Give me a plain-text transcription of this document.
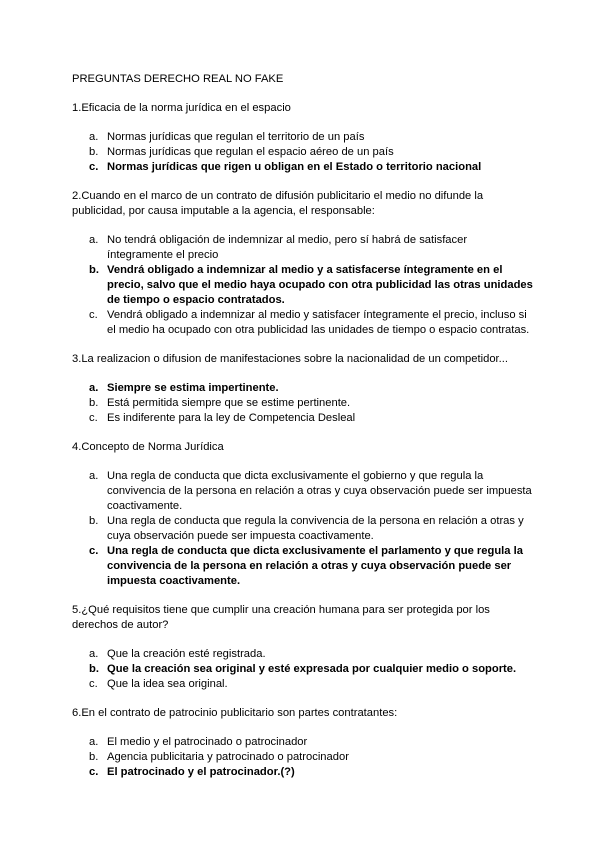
PREGUNTAS DERECHO REAL NO FAKE

1.Eficacia de la norma jurídica en el espacio

a. Normas jurídicas que regulan el territorio de un país
b. Normas jurídicas que regulan el espacio aéreo de un país
c. Normas jurídicas que rigen u obligan en el Estado o territorio nacional

2.Cuando en el marco de un contrato de difusión publicitario el medio no difunde la publicidad, por causa imputable a la agencia, el responsable:

a. No tendrá obligación de indemnizar al medio, pero sí habrá de satisfacer íntegramente el precio
b. Vendrá obligado a indemnizar al medio y a satisfacerse íntegramente en el precio, salvo que el medio haya ocupado con otra publicidad las otras unidades de tiempo o espacio contratados.
c. Vendrá obligado a indemnizar al medio y satisfacer íntegramente el precio, incluso si el medio ha ocupado con otra publicidad las unidades de tiempo o espacio contratas.

3.La realizacion o difusion de manifestaciones sobre la nacionalidad de un competidor...

a. Siempre se estima impertinente.
b. Está permitida siempre que se estime pertinente.
c. Es indiferente para la ley de Competencia Desleal

4.Concepto de Norma Jurídica

a. Una regla de conducta que dicta exclusivamente el gobierno y que regula la convivencia de la persona en relación a otras y cuya observación puede ser impuesta coactivamente.
b. Una regla de conducta que regula la convivencia de la persona en relación a otras y cuya observación puede ser impuesta coactivamente.
c. Una regla de conducta que dicta exclusivamente el parlamento y que regula la convivencia de la persona en relación a otras y cuya observación puede ser impuesta coactivamente.

5.¿Qué requisitos tiene que cumplir una creación humana para ser protegida por los derechos de autor?

a. Que la creación esté registrada.
b. Que la creación sea original y esté expresada por cualquier medio o soporte.
c. Que la idea sea original.

6.En el contrato de patrocinio publicitario son partes contratantes:

a. El medio y el patrocinado o patrocinador
b. Agencia publicitaria y patrocinado o patrocinador
c. El patrocinado y el patrocinador.(?)
